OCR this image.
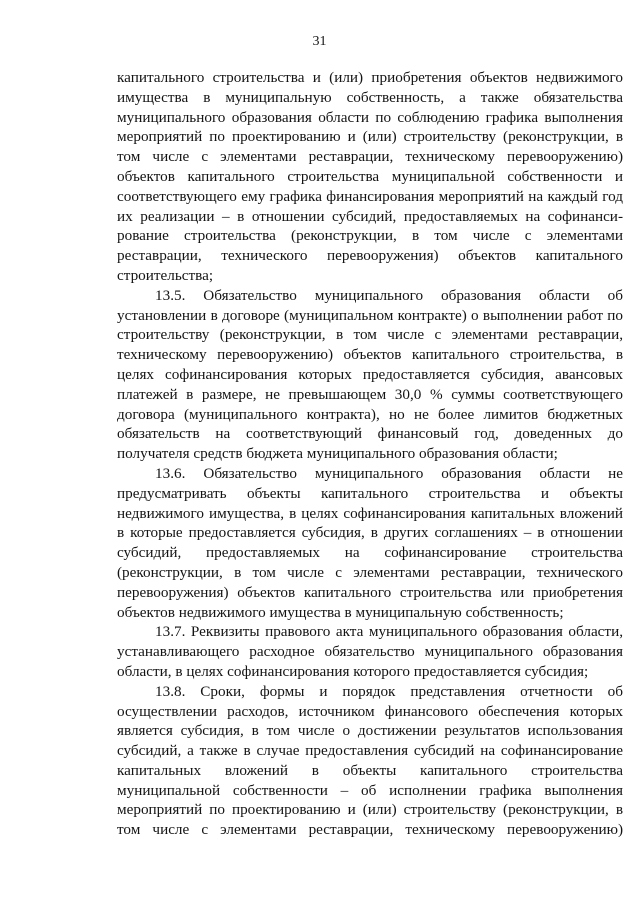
31
капитального строительства и (или) приобретения объектов недвижимого
имущества в муниципальную собственность, а также обязательства
муниципального образования области по соблюдению графика выполнения
мероприятий по проектированию и (или) строительству (реконструкции, в
том числе с элементами реставрации, техническому перевооружению)
объектов капитального строительства муниципальной собственности и
соответствующего ему графика финансирования мероприятий на каждый год
их реализации – в отношении субсидий, предоставляемых на софинанси-
рование строительства (реконструкции, в том числе с элементами
реставрации, технического перевооружения) объектов капитального
строительства;
13.5. Обязательство муниципального образования области об
установлении в договоре (муниципальном контракте) о выполнении работ по
строительству (реконструкции, в том числе с элементами реставрации,
техническому перевооружению) объектов капитального строительства, в
целях софинансирования которых предоставляется субсидия, авансовых
платежей в размере, не превышающем 30,0 % суммы соответствующего
договора (муниципального контракта), но не более лимитов бюджетных
обязательств на соответствующий финансовый год, доведенных до
получателя средств бюджета муниципального образования области;
13.6. Обязательство муниципального образования области не
предусматривать объекты капитального строительства и объекты
недвижимого имущества, в целях софинансирования капитальных вложений
в которые предоставляется субсидия, в других соглашениях – в отношении
субсидий, предоставляемых на софинансирование строительства
(реконструкции, в том числе с элементами реставрации, технического
перевооружения) объектов капитального строительства или приобретения
объектов недвижимого имущества в муниципальную собственность;
13.7. Реквизиты правового акта муниципального образования области,
устанавливающего расходное обязательство муниципального образования
области, в целях софинансирования которого предоставляется субсидия;
13.8. Сроки, формы и порядок представления отчетности об
осуществлении расходов, источником финансового обеспечения которых
является субсидия, в том числе о достижении результатов использования
субсидий, а также в случае предоставления субсидий на софинансирование
капитальных вложений в объекты капитального строительства
муниципальной собственности – об исполнении графика выполнения
мероприятий по проектированию и (или) строительству (реконструкции, в
том числе с элементами реставрации, техническому перевооружению)
